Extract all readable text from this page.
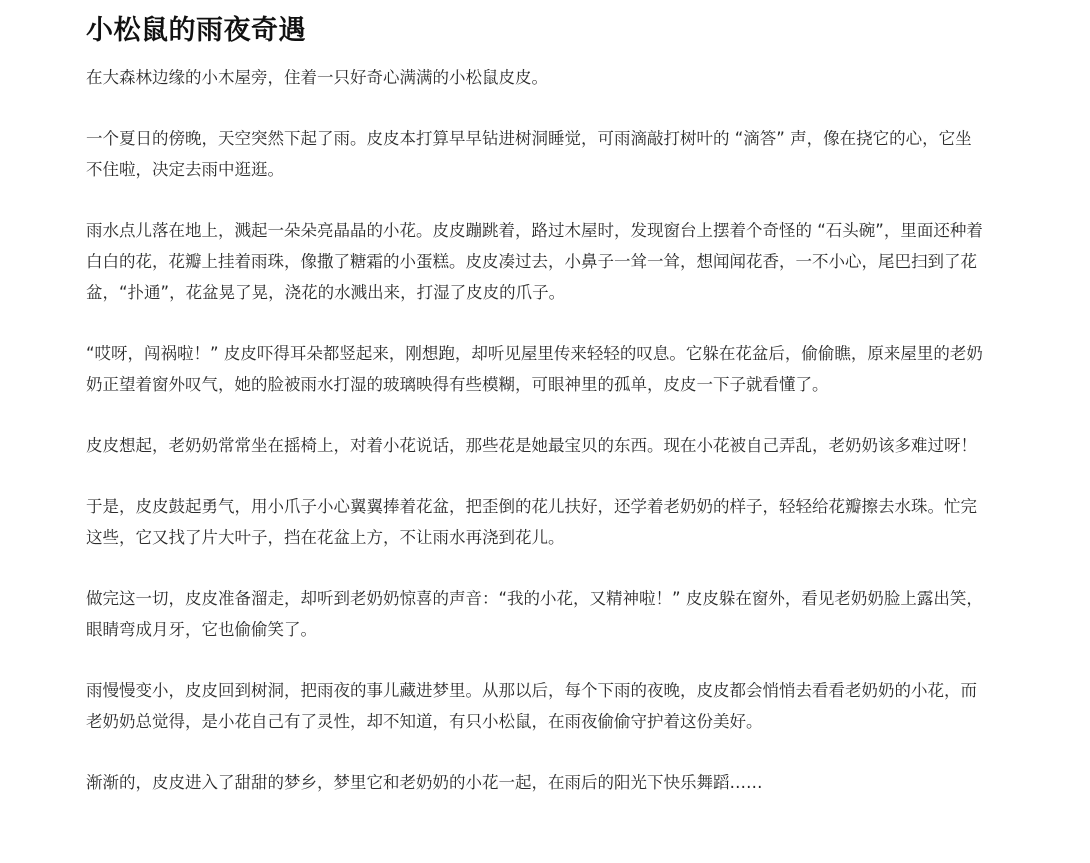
小松鼠的雨夜奇遇

在大森林边缘的小木屋旁，住着一只好奇心满满的小松鼠皮皮。

一个夏日的傍晚，天空突然下起了雨。皮皮本打算早早钻进树洞睡觉，可雨滴敲打树叶的 “滴答” 声，像在挠它的心，它坐不住啦，决定去雨中逛逛。

雨水点儿落在地上，溅起一朵朵亮晶晶的小花。皮皮蹦跳着，路过木屋时，发现窗台上摆着个奇怪的 “石头碗”，里面还种着白白的花，花瓣上挂着雨珠，像撒了糖霜的小蛋糕。皮皮凑过去，小鼻子一耸一耸，想闻闻花香，一不小心，尾巴扫到了花盆，“扑通”，花盆晃了晃，浇花的水溅出来，打湿了皮皮的爪子。

“哎呀，闯祸啦！” 皮皮吓得耳朵都竖起来，刚想跑，却听见屋里传来轻轻的叹息。它躲在花盆后，偷偷瞧，原来屋里的老奶奶正望着窗外叹气，她的脸被雨水打湿的玻璃映得有些模糊，可眼神里的孤单，皮皮一下子就看懂了。

皮皮想起，老奶奶常常坐在摇椅上，对着小花说话，那些花是她最宝贝的东西。现在小花被自己弄乱，老奶奶该多难过呀！

于是，皮皮鼓起勇气，用小爪子小心翼翼捧着花盆，把歪倒的花儿扶好，还学着老奶奶的样子，轻轻给花瓣擦去水珠。忙完这些，它又找了片大叶子，挡在花盆上方，不让雨水再浇到花儿。

做完这一切，皮皮准备溜走，却听到老奶奶惊喜的声音：“我的小花，又精神啦！” 皮皮躲在窗外，看见老奶奶脸上露出笑，眼睛弯成月牙，它也偷偷笑了。

雨慢慢变小，皮皮回到树洞，把雨夜的事儿藏进梦里。从那以后，每个下雨的夜晚，皮皮都会悄悄去看看老奶奶的小花，而老奶奶总觉得，是小花自己有了灵性，却不知道，有只小松鼠，在雨夜偷偷守护着这份美好。

渐渐的，皮皮进入了甜甜的梦乡，梦里它和老奶奶的小花一起，在雨后的阳光下快乐舞蹈……
